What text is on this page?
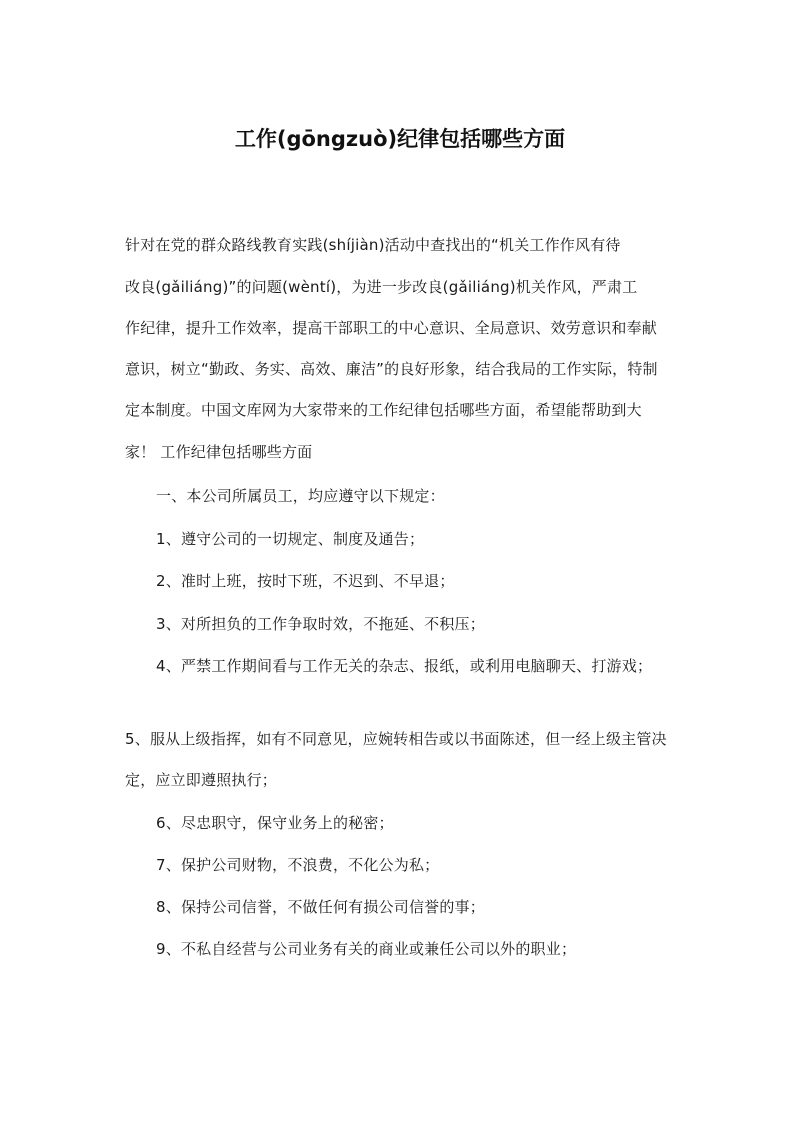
工作(gōngzuò)纪律包括哪些方面
针对在党的群众路线教育实践(shíjiàn)活动中查找出的“机关工作作风有待
改良(gǎiliáng)”的问题(wèntí)，为进一步改良(gǎiliáng)机关作风，严肃工
作纪律，提升工作效率，提高干部职工的中心意识、全局意识、效劳意识和奉献
意识，树立“勤政、务实、高效、廉洁”的良好形象，结合我局的工作实际，特制
定本制度。中国文库网为大家带来的工作纪律包括哪些方面，希望能帮助到大
家！ 工作纪律包括哪些方面
一、本公司所属员工，均应遵守以下规定：
1、遵守公司的一切规定、制度及通告；
2、准时上班，按时下班，不迟到、不早退；
3、对所担负的工作争取时效，不拖延、不积压；
4、严禁工作期间看与工作无关的杂志、报纸，或利用电脑聊天、打游戏；
5、服从上级指挥，如有不同意见，应婉转相告或以书面陈述，但一经上级主管决
定，应立即遵照执行；
6、尽忠职守，保守业务上的秘密；
7、保护公司财物，不浪费，不化公为私；
8、保持公司信誉，不做任何有损公司信誉的事；
9、不私自经营与公司业务有关的商业或兼任公司以外的职业；
